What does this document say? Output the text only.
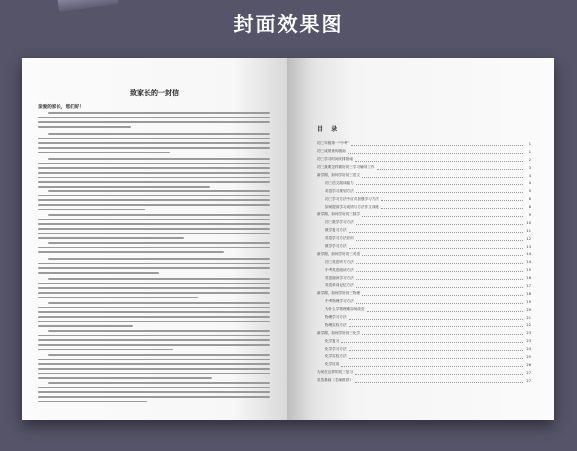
封面效果图
致家长的一封信
亲爱的家长，您们好！
目 录
初三年级第一"中考"	1
初三成绩查询指南	1
初三学习时间安排指南	2
初三我要怎样做好初三学习辅导工作	3
新学期，如何学好初三语文	4
初三语文阅读能力	4
英语学习规划方法	5
初三学习方法中应对加强学习方法	6
如何提高学习成绩与方法作文训练	8
新学期，如何学好初三数学	9
初三数学学习方法	10
数学复习方法	11
英语学习方法应用	12
数学学习方法	13
新学期，如何学好初三英语	14
初三英语听力方法	14
中考英语阅读方法	15
英语阅读学习方法	16
英语单词记忆方法	17
新学期，如何学好初三物理	18
中考物理学习方法	19
为什么学物理难如何改变	20
物理学习方法	21
物理实验方法	22
新学期，如何学好初三化学	23
化学复习	23
化学学习方法	24
化学实验方法	25
化学应用	26
为何在这样的初三复习	27
英语基础《名师推荐》	27
